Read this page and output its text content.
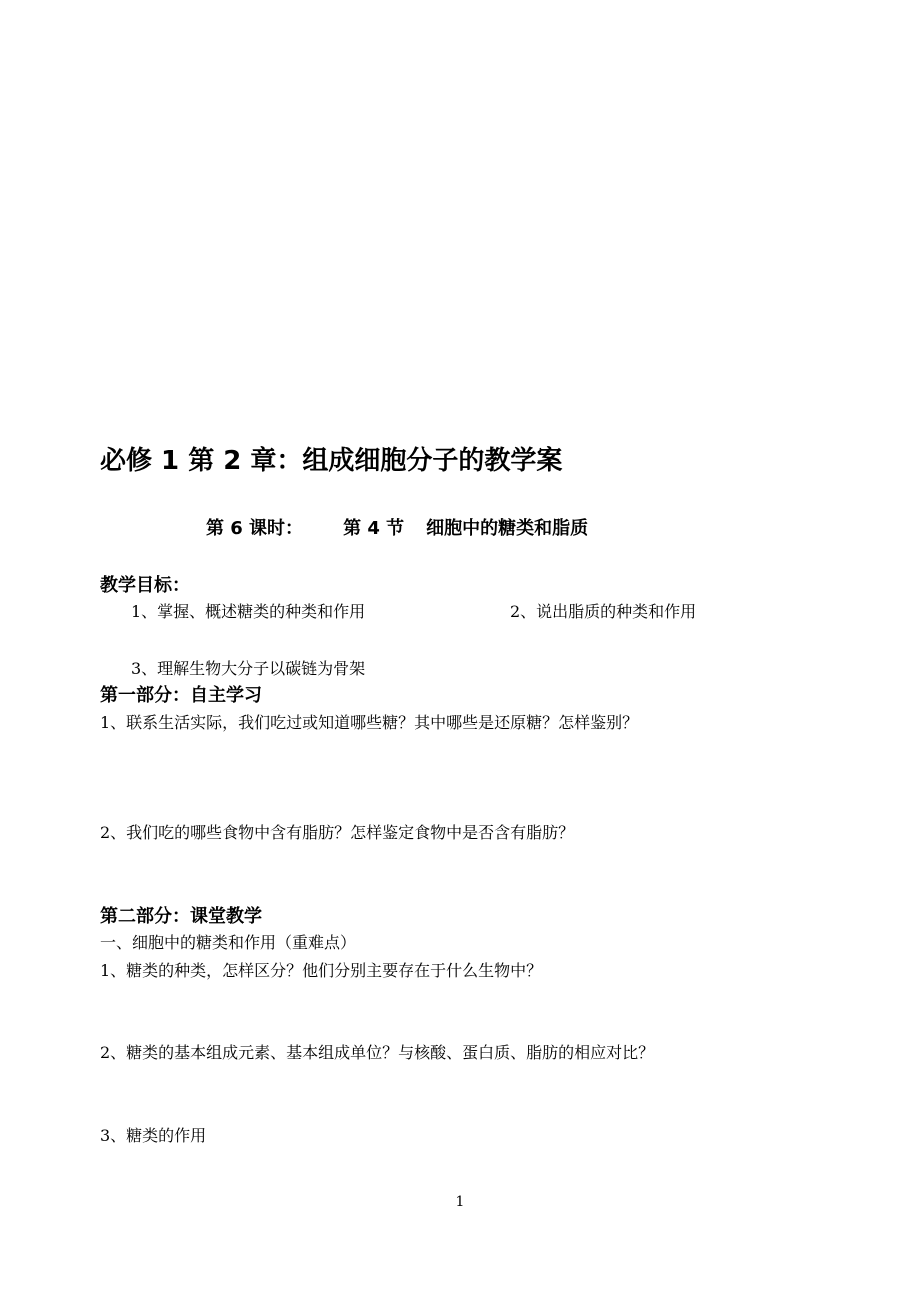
必修 1 第 2 章：组成细胞分子的教学案
第 6 课时： 第 4 节 细胞中的糖类和脂质
教学目标：
1、掌握、概述糖类的种类和作用	2、说出脂质的种类和作用
3、理解生物大分子以碳链为骨架
第一部分：自主学习
1、联系生活实际，我们吃过或知道哪些糖？其中哪些是还原糖？怎样鉴别？
2、我们吃的哪些食物中含有脂肪？怎样鉴定食物中是否含有脂肪？
第二部分：课堂教学
一、细胞中的糖类和作用（重难点）
1、糖类的种类，怎样区分？他们分别主要存在于什么生物中？
2、糖类的基本组成元素、基本组成单位？与核酸、蛋白质、脂肪的相应对比？
3、糖类的作用
1
